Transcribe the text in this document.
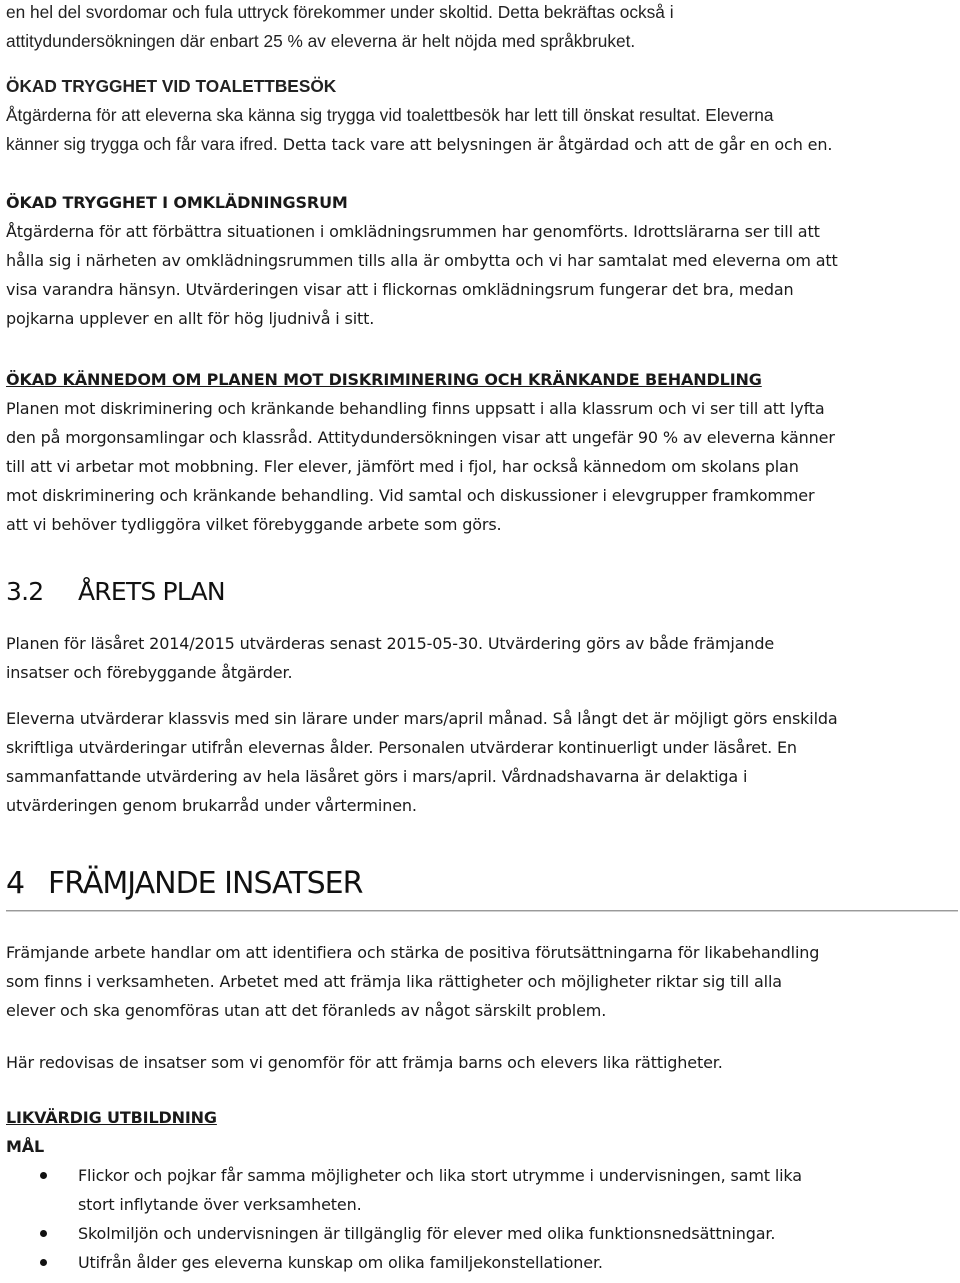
en hel del svordomar och fula uttryck förekommer under skoltid. Detta bekräftas också i
attitydundersökningen där enbart 25 % av eleverna är helt nöjda med språkbruket.

ÖKAD TRYGGHET VID TOALETTBESÖK
Åtgärderna för att eleverna ska känna sig trygga vid toalettbesök har lett till önskat resultat. Eleverna
känner sig trygga och får vara ifred. Detta tack vare att belysningen är åtgärdad och att de går en och en.
ÖKAD TRYGGHET I OMKLÄDNINGSRUM
Åtgärderna för att förbättra situationen i omklädningsrummen har genomförts. Idrottslärarna ser till att
hålla sig i närheten av omklädningsrummen tills alla är ombytta och vi har samtalat med eleverna om att
visa varandra hänsyn. Utvärderingen visar att i flickornas omklädningsrum fungerar det bra, medan
pojkarna upplever en allt för hög ljudnivå i sitt.
ÖKAD KÄNNEDOM OM PLANEN MOT DISKRIMINERING OCH KRÄNKANDE BEHANDLING
Planen mot diskriminering och kränkande behandling finns uppsatt i alla klassrum och vi ser till att lyfta
den på morgonsamlingar och klassråd. Attitydundersökningen visar att ungefär 90 % av eleverna känner
till att vi arbetar mot mobbning. Fler elever, jämfört med i fjol, har också kännedom om skolans plan
mot diskriminering och kränkande behandling. Vid samtal och diskussioner i elevgrupper framkommer
att vi behöver tydliggöra vilket förebyggande arbete som görs.
3.2 ÅRETS PLAN

Planen för läsåret 2014/2015 utvärderas senast 2015-05-30. Utvärdering görs av både främjande
insatser och förebyggande åtgärder.

Eleverna utvärderar klassvis med sin lärare under mars/april månad. Så långt det är möjligt görs enskilda
skriftliga utvärderingar utifrån elevernas ålder. Personalen utvärderar kontinuerligt under läsåret. En
sammanfattande utvärdering av hela läsåret görs i mars/april. Vårdnadshavarna är delaktiga i
utvärderingen genom brukarråd under vårterminen.

4 FRÄMJANDE INSATSER

Främjande arbete handlar om att identifiera och stärka de positiva förutsättningarna för likabehandling
som finns i verksamheten. Arbetet med att främja lika rättigheter och möjligheter riktar sig till alla
elever och ska genomföras utan att det föranleds av något särskilt problem.

Här redovisas de insatser som vi genomför för att främja barns och elevers lika rättigheter.

LIKVÄRDIG UTBILDNING
MÅL
Flickor och pojkar får samma möjligheter och lika stort utrymme i undervisningen, samt lika
stort inflytande över verksamheten.
Skolmiljön och undervisningen är tillgänglig för elever med olika funktionsnedsättningar.
Utifrån ålder ges eleverna kunskap om olika familjekonstellationer.
